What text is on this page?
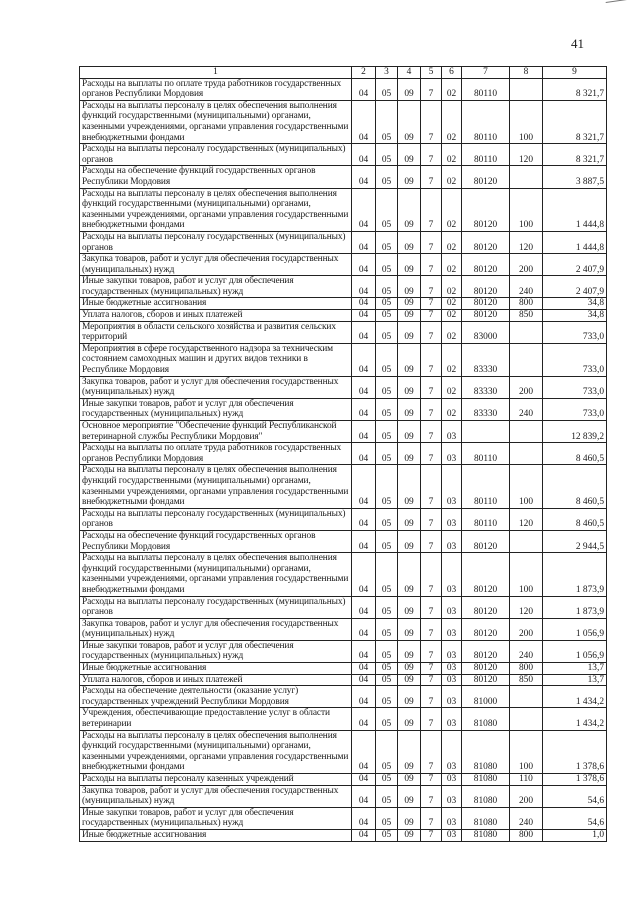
41
1	2	3	4	5	6	7	8	9
Расходы на выплаты по оплате труда работников государственных органов Республики Мордовия	04	05	09	7	02	80110		8 321,7
Расходы на выплаты персоналу в целях обеспечения выполнения функций государственными (муниципальными) органами, казенными учреждениями, органами управления государственными внебюджетными фондами	04	05	09	7	02	80110	100	8 321,7
Расходы на выплаты персоналу государственных (муниципальных) органов	04	05	09	7	02	80110	120	8 321,7
Расходы на обеспечение функций государственных органов Республики Мордовия	04	05	09	7	02	80120		3 887,5
Расходы на выплаты персоналу в целях обеспечения выполнения функций государственными (муниципальными) органами, казенными учреждениями, органами управления государственными внебюджетными фондами	04	05	09	7	02	80120	100	1 444,8
Расходы на выплаты персоналу государственных (муниципальных) органов	04	05	09	7	02	80120	120	1 444,8
Закупка товаров, работ и услуг для обеспечения государственных (муниципальных) нужд	04	05	09	7	02	80120	200	2 407,9
Иные закупки товаров, работ и услуг для обеспечения государственных (муниципальных) нужд	04	05	09	7	02	80120	240	2 407,9
Иные бюджетные ассигнования	04	05	09	7	02	80120	800	34,8
Уплата налогов, сборов и иных платежей	04	05	09	7	02	80120	850	34,8
Мероприятия в области сельского хозяйства и развития сельских территорий	04	05	09	7	02	83000		733,0
Мероприятия в сфере государственного надзора за техническим состоянием самоходных машин и других видов техники в Республике Мордовия	04	05	09	7	02	83330		733,0
Закупка товаров, работ и услуг для обеспечения государственных (муниципальных) нужд	04	05	09	7	02	83330	200	733,0
Иные закупки товаров, работ и услуг для обеспечения государственных (муниципальных) нужд	04	05	09	7	02	83330	240	733,0
Основное мероприятие "Обеспечение функций Республиканской ветеринарной службы Республики Мордовия"	04	05	09	7	03			12 839,2
Расходы на выплаты по оплате труда работников государственных органов Республики Мордовия	04	05	09	7	03	80110		8 460,5
Расходы на выплаты персоналу в целях обеспечения выполнения функций государственными (муниципальными) органами, казенными учреждениями, органами управления государственными внебюджетными фондами	04	05	09	7	03	80110	100	8 460,5
Расходы на выплаты персоналу государственных (муниципальных) органов	04	05	09	7	03	80110	120	8 460,5
Расходы на обеспечение функций государственных органов Республики Мордовия	04	05	09	7	03	80120		2 944,5
Расходы на выплаты персоналу в целях обеспечения выполнения функций государственными (муниципальными) органами, казенными учреждениями, органами управления государственными внебюджетными фондами	04	05	09	7	03	80120	100	1 873,9
Расходы на выплаты персоналу государственных (муниципальных) органов	04	05	09	7	03	80120	120	1 873,9
Закупка товаров, работ и услуг для обеспечения государственных (муниципальных) нужд	04	05	09	7	03	80120	200	1 056,9
Иные закупки товаров, работ и услуг для обеспечения государственных (муниципальных) нужд	04	05	09	7	03	80120	240	1 056,9
Иные бюджетные ассигнования	04	05	09	7	03	80120	800	13,7
Уплата налогов, сборов и иных платежей	04	05	09	7	03	80120	850	13,7
Расходы на обеспечение деятельности (оказание услуг) государственных учреждений Республики Мордовия	04	05	09	7	03	81000		1 434,2
Учреждения, обеспечивающие предоставление услуг в области ветеринарии	04	05	09	7	03	81080		1 434,2
Расходы на выплаты персоналу в целях обеспечения выполнения функций государственными (муниципальными) органами, казенными учреждениями, органами управления государственными внебюджетными фондами	04	05	09	7	03	81080	100	1 378,6
Расходы на выплаты персоналу казенных учреждений	04	05	09	7	03	81080	110	1 378,6
Закупка товаров, работ и услуг для обеспечения государственных (муниципальных) нужд	04	05	09	7	03	81080	200	54,6
Иные закупки товаров, работ и услуг для обеспечения государственных (муниципальных) нужд	04	05	09	7	03	81080	240	54,6
Иные бюджетные ассигнования	04	05	09	7	03	81080	800	1,0
